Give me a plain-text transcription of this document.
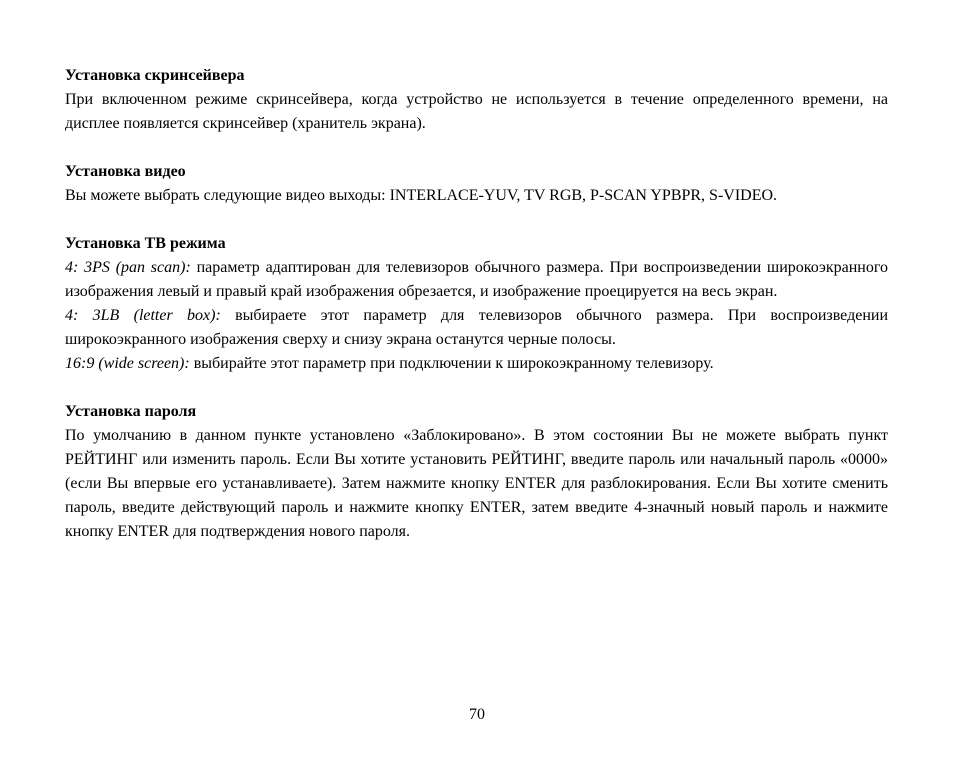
Установка скринсейвера

При включенном режиме скринсейвера, когда устройство не используется в течение определенного времени, на дисплее появляется скринсейвер (хранитель экрана).

Установка видео

Вы можете выбрать следующие видео выходы: INTERLACE-YUV, TV RGB, P-SCAN YPBPR, S-VIDEO.

Установка ТВ режима

4: 3PS (pan scan): параметр адаптирован для телевизоров обычного размера. При воспроизведении широкоэкранного изображения левый и правый край изображения обрезается, и изображение проецируется на весь экран.

4: 3LB (letter box): выбираете этот параметр для телевизоров обычного размера. При воспроизведении широкоэкранного изображения сверху и снизу экрана останутся черные полосы.

16:9 (wide screen): выбирайте этот параметр при подключении к широкоэкранному телевизору.

Установка пароля

По умолчанию в данном пункте установлено «Заблокировано». В этом состоянии Вы не можете выбрать пункт РЕЙТИНГ или изменить пароль. Если Вы хотите установить РЕЙТИНГ, введите пароль или начальный пароль «0000» (если Вы впервые его устанавливаете). Затем нажмите кнопку ENTER для разблокирования. Если Вы хотите сменить пароль, введите действующий пароль и нажмите кнопку ENTER, затем введите 4-значный новый пароль и нажмите кнопку ENTER для подтверждения нового пароля.

70
